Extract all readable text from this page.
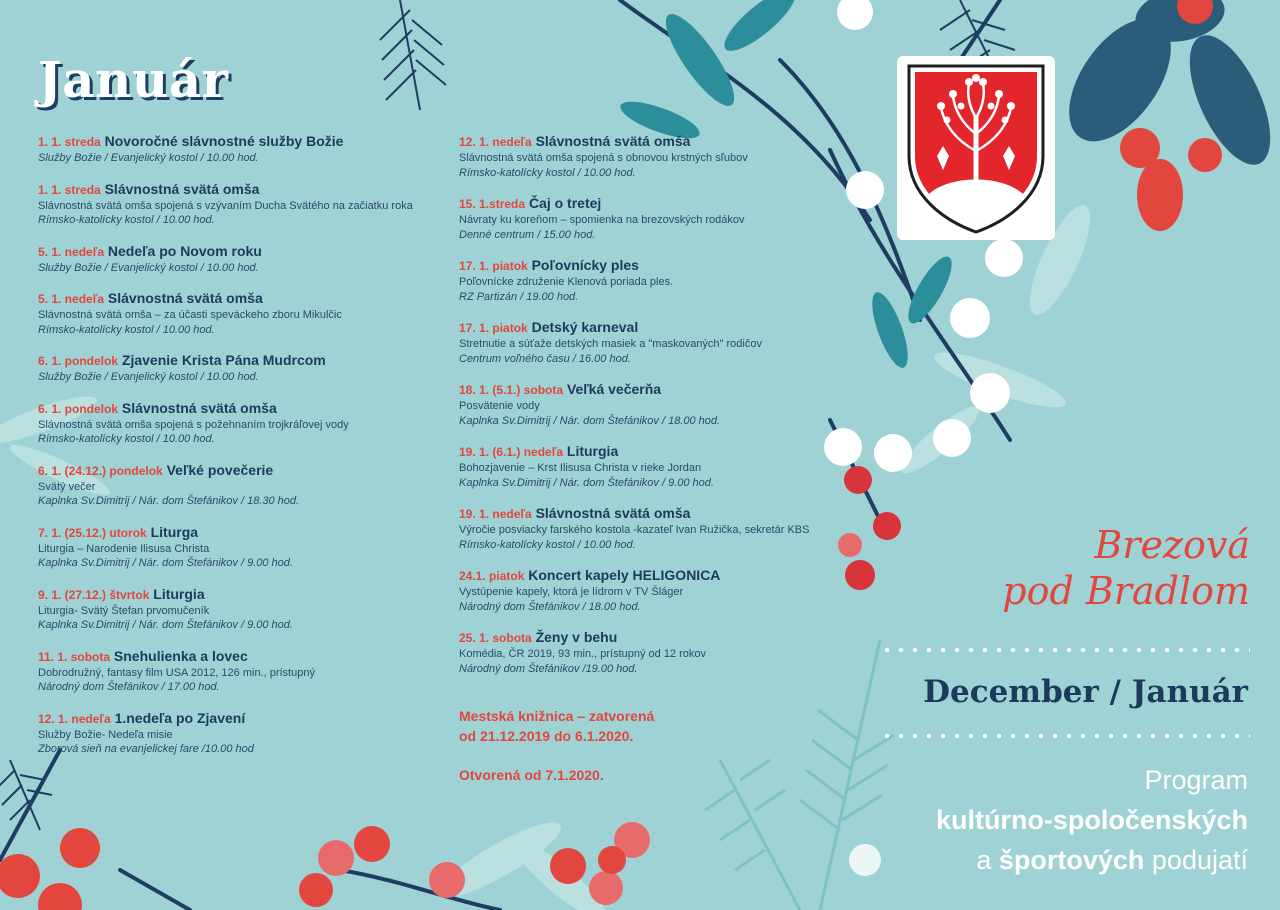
Január
1. 1. streda Novoročné slávnostné služby Božie
Služby Božie / Evanjelický kostol / 10.00 hod.
1. 1. streda Slávnostná svätá omša
Slávnostná svätá omša spojená s vzývaním Ducha Svätého na začiatku roka
Rímsko-katolícky kostol / 10.00 hod.
5. 1. nedeľa Nedeľa po Novom roku
Služby Božie / Evanjelický kostol / 10.00 hod.
5. 1. nedeľa Slávnostná svätá omša
Slávnostná svätá omša – za účasti speváckeho zboru Mikulčic
Rímsko-katolícky kostol / 10.00 hod.
6. 1. pondelok Zjavenie Krista Pána Mudrcom
Služby Božie / Evanjelický kostol / 10.00 hod.
6. 1. pondelok Slávnostná svätá omša
Slávnostná svätá omša spojená s požehnaním trojkráľovej vody
Rímsko-katolícky kostol / 10.00 hod.
6. 1. (24.12.) pondelok Veľké povečerie
Svätý večer
Kaplnka Sv.Dimitrij / Nár. dom Štefánikov / 18.30 hod.
7. 1. (25.12.) utorok Liturga
Liturgia – Narodenie Ilisusa Christa
Kaplnka Sv.Dimitrij / Nár. dom Štefánikov / 9.00 hod.
9. 1. (27.12.) štvrtok Liturgia
Liturgia- Svätý Štefan prvomučeník
Kaplnka Sv.Dimitrij / Nár. dom Štefánikov / 9.00 hod.
11. 1. sobota Snehulienka a lovec
Dobrodružný, fantasy film USA 2012, 126 min., prístupný
Národný dom Štefánikov / 17.00 hod.
12. 1. nedeľa 1.nedeľa po Zjavení
Služby Božie- Nedeľa misie
Zborová sieň na evanjelickej fare /10.00 hod
12. 1. nedeľa Slávnostná svätá omša
Slávnostná svätá omša spojená s obnovou krstných sľubov
Rímsko-katolícky kostol / 10.00 hod.
15. 1.streda Čaj o tretej
Návraty ku koreňom – spomienka na brezovských rodákov
Denné centrum / 15.00 hod.
17. 1. piatok Poľovnícky ples
Poľovnícke združenie Klenová poriada ples.
RZ Partizán / 19.00 hod.
17. 1. piatok Detský karneval
Stretnutie a súťaže detských masiek a "maskovaných" rodičov
Centrum voľného času / 16.00 hod.
18. 1. (5.1.) sobota Veľká večerňa
Posvätenie vody
Kaplnka Sv.Dimitrij / Nár. dom Štefánikov / 18.00 hod.
19. 1. (6.1.) nedeľa Liturgia
Bohozjavenie – Krst Ilisusa Christa v rieke Jordan
Kaplnka Sv.Dimitrij / Nár. dom Štefánikov / 9.00 hod.
19. 1. nedeľa Slávnostná svätá omša
Výročie posviacky farského kostola -kazateľ Ivan Ružička, sekretár KBS
Rímsko-katolícky kostol / 10.00 hod.
24.1. piatok Koncert kapely HELIGONICA
Vystúpenie kapely, ktorá je lídrom v TV Šláger
Národný dom Štefánikov / 18.00 hod.
25. 1. sobota Ženy v behu
Komédia, ČR 2019, 93 min., prístupný od 12 rokov
Národný dom Štefánikov /19.00 hod.

Mestská knižnica – zatvorená
od 21.12.2019 do 6.1.2020.

Otvorená od 7.1.2020.

Brezová
pod Bradlom
December / Január
Program
kultúrno-spoločenských
a športových podujatí
